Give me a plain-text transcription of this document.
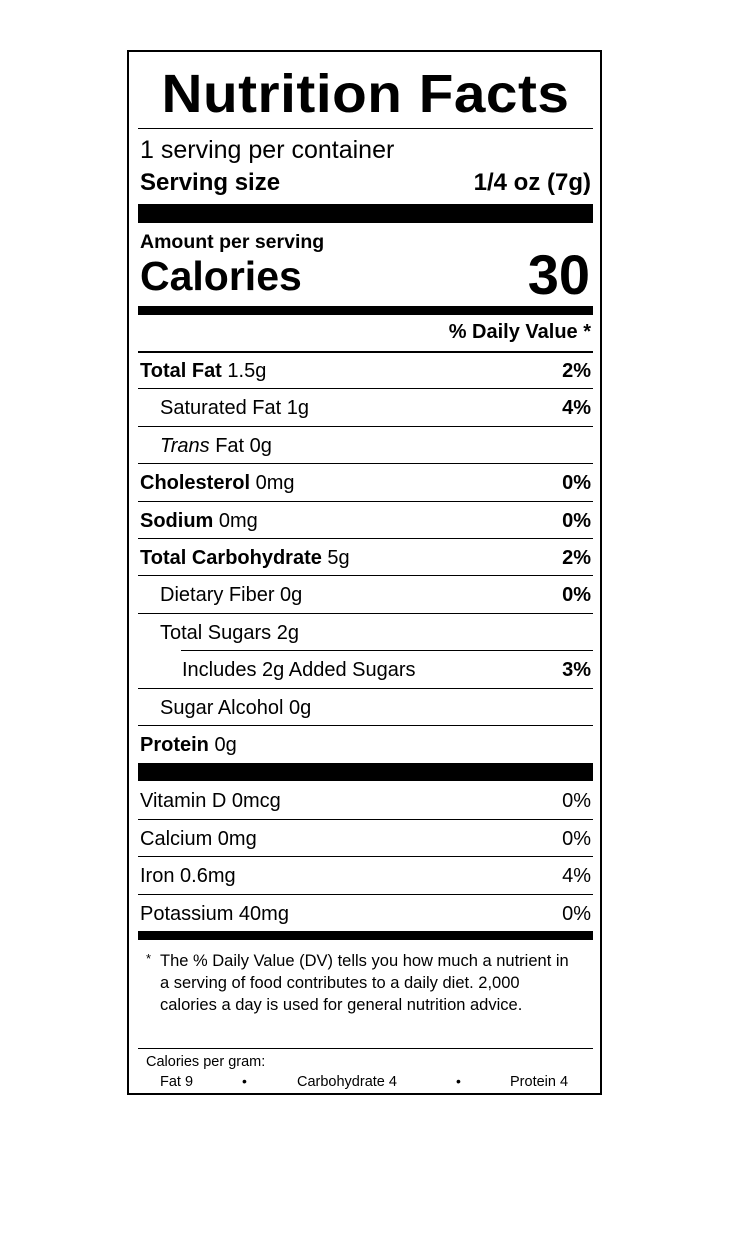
Nutrition Facts
1 serving per container
Serving size	1/4 oz (7g)
Amount per serving
Calories	30
% Daily Value *
Total Fat 1.5g	2%
Saturated Fat 1g	4%
Trans Fat 0g
Cholesterol 0mg	0%
Sodium 0mg	0%
Total Carbohydrate 5g	2%
Dietary Fiber 0g	0%
Total Sugars 2g
Includes 2g Added Sugars	3%
Sugar Alcohol 0g
Protein 0g
Vitamin D 0mcg	0%
Calcium 0mg	0%
Iron 0.6mg	4%
Potassium 40mg	0%
* The % Daily Value (DV) tells you how much a nutrient in a serving of food contributes to a daily diet. 2,000 calories a day is used for general nutrition advice.
Calories per gram:
Fat 9	•	Carbohydrate 4	•	Protein 4
